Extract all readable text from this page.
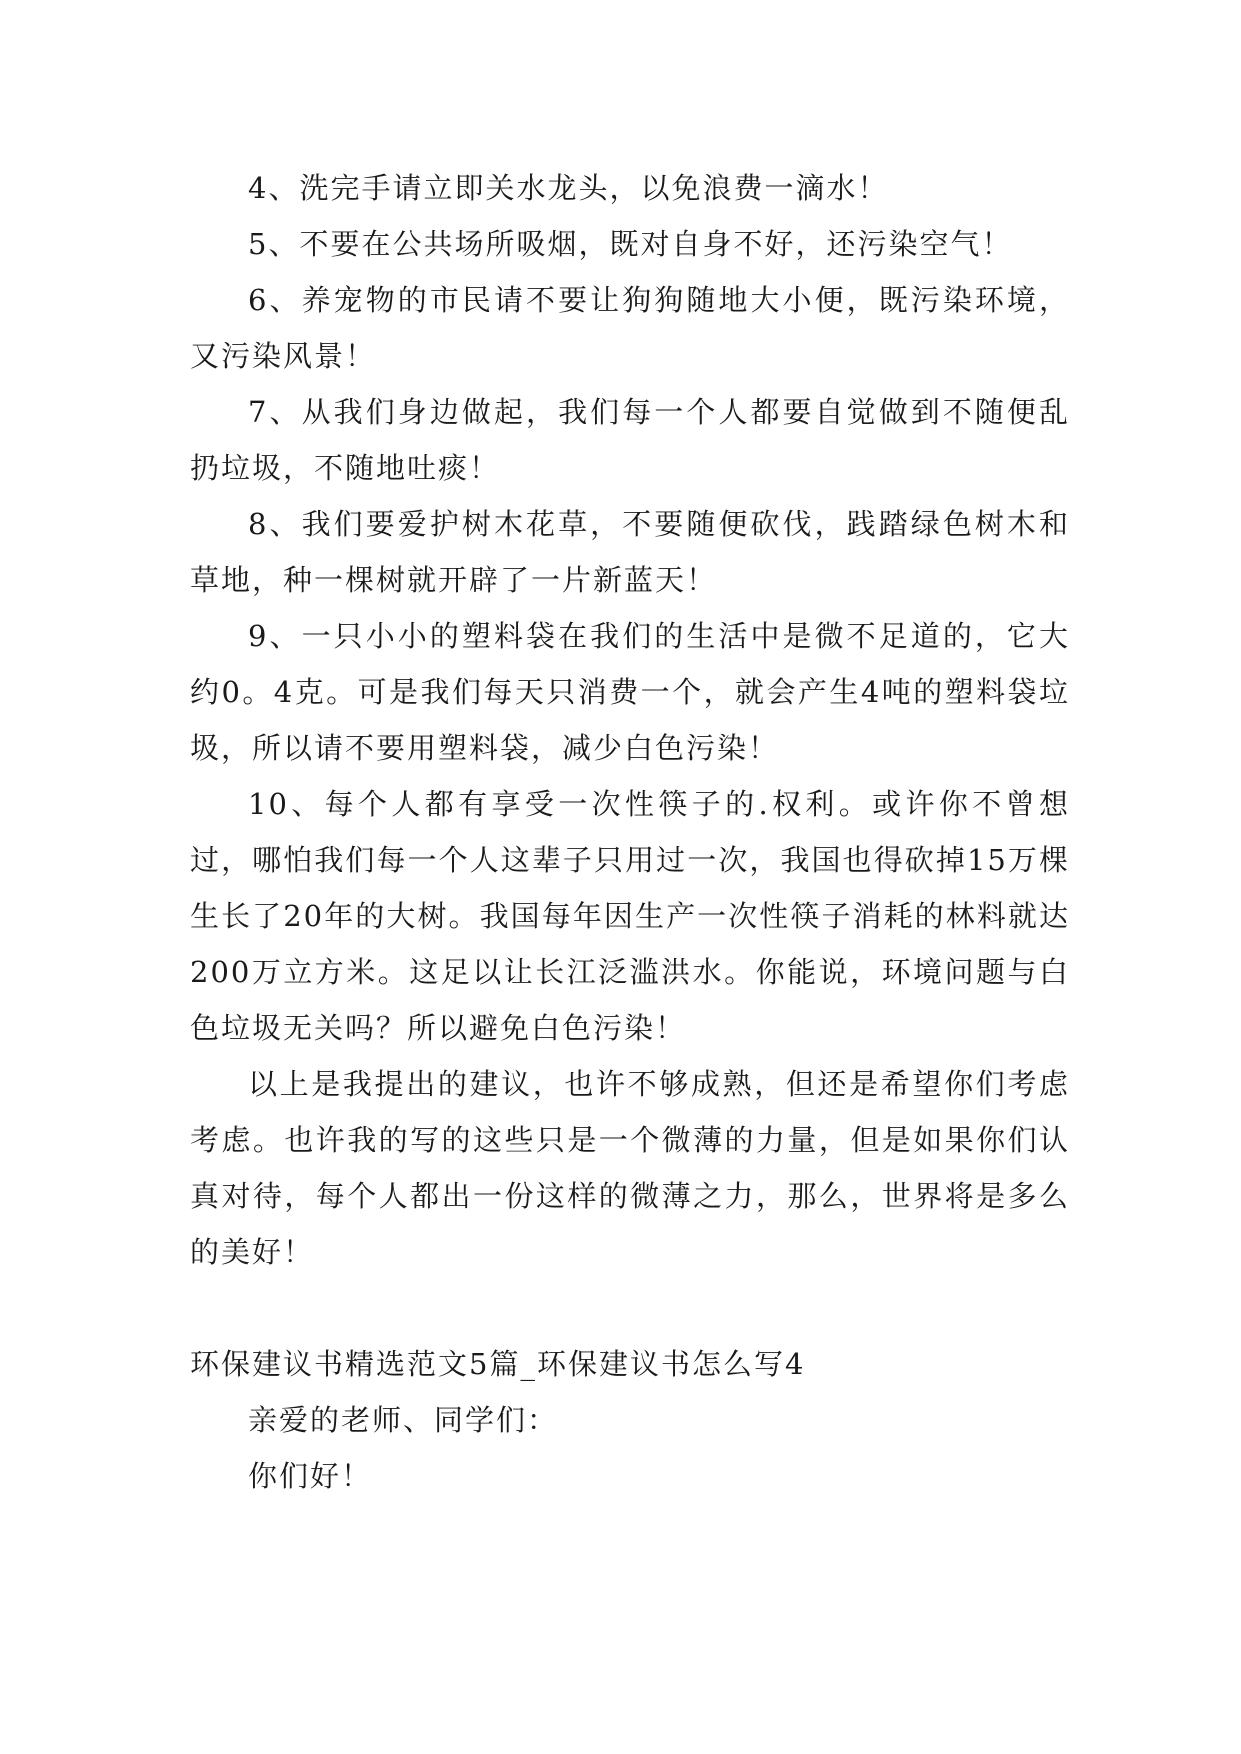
4、洗完手请立即关水龙头，以免浪费一滴水！

5、不要在公共场所吸烟，既对自身不好，还污染空气！

6、养宠物的市民请不要让狗狗随地大小便，既污染环境，又污染风景！

7、从我们身边做起，我们每一个人都要自觉做到不随便乱扔垃圾，不随地吐痰！

8、我们要爱护树木花草，不要随便砍伐，践踏绿色树木和草地，种一棵树就开辟了一片新蓝天！

9、一只小小的塑料袋在我们的生活中是微不足道的，它大约0。4克。可是我们每天只消费一个，就会产生4吨的塑料袋垃圾，所以请不要用塑料袋，减少白色污染！

10、每个人都有享受一次性筷子的.权利。或许你不曾想过，哪怕我们每一个人这辈子只用过一次，我国也得砍掉15万棵生长了20年的大树。我国每年因生产一次性筷子消耗的林料就达200万立方米。这足以让长江泛滥洪水。你能说，环境问题与白色垃圾无关吗？所以避免白色污染！

以上是我提出的建议，也许不够成熟，但还是希望你们考虑考虑。也许我的写的这些只是一个微薄的力量，但是如果你们认真对待，每个人都出一份这样的微薄之力，那么，世界将是多么的美好！

环保建议书精选范文5篇_环保建议书怎么写4

亲爱的老师、同学们：

你们好！
